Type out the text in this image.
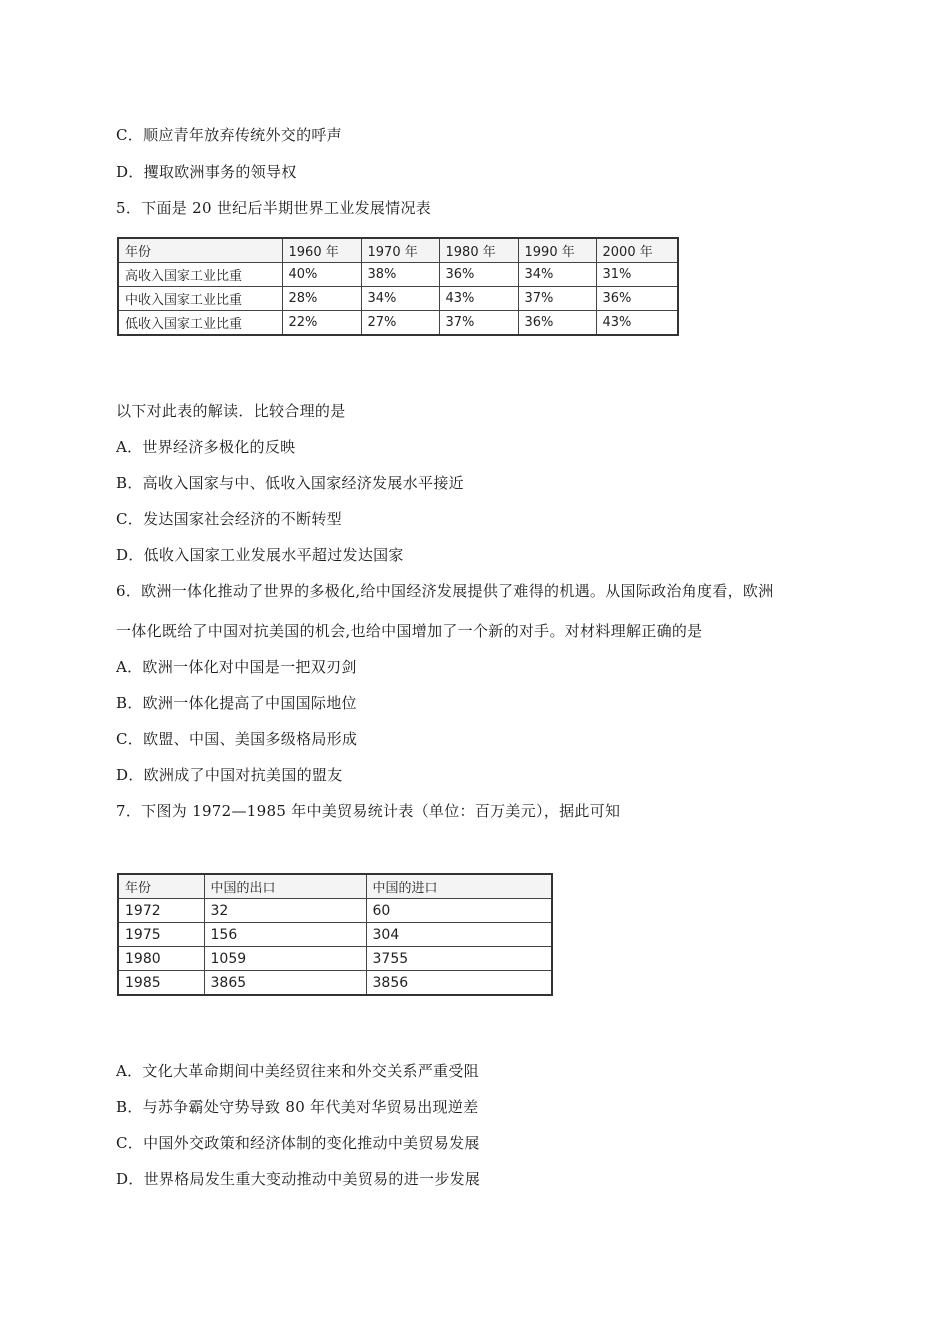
C．顺应青年放弃传统外交的呼声
D．攫取欧洲事务的领导权
5．下面是 20 世纪后半期世界工业发展情况表
年份	1960 年	1970 年	1980 年	1990 年	2000 年
高收入国家工业比重	40%	38%	36%	34%	31%
中收入国家工业比重	28%	34%	43%	37%	36%
低收入国家工业比重	22%	27%	37%	36%	43%
以下对此表的解读．比较合理的是
A．世界经济多极化的反映
B．高收入国家与中、低收入国家经济发展水平接近
C．发达国家社会经济的不断转型
D．低收入国家工业发展水平超过发达国家
6．欧洲一体化推动了世界的多极化,给中国经济发展提供了难得的机遇。从国际政治角度看，欧洲
一体化既给了中国对抗美国的机会,也给中国增加了一个新的对手。对材料理解正确的是
A．欧洲一体化对中国是一把双刃剑
B．欧洲一体化提高了中国国际地位
C．欧盟、中国、美国多级格局形成
D．欧洲成了中国对抗美国的盟友
7．下图为 1972—1985 年中美贸易统计表（单位：百万美元），据此可知
年份	中国的出口	中国的进口
1972	32	60
1975	156	304
1980	1059	3755
1985	3865	3856
A．文化大革命期间中美经贸往来和外交关系严重受阻
B．与苏争霸处守势导致 80 年代美对华贸易出现逆差
C．中国外交政策和经济体制的变化推动中美贸易发展
D．世界格局发生重大变动推动中美贸易的进一步发展
